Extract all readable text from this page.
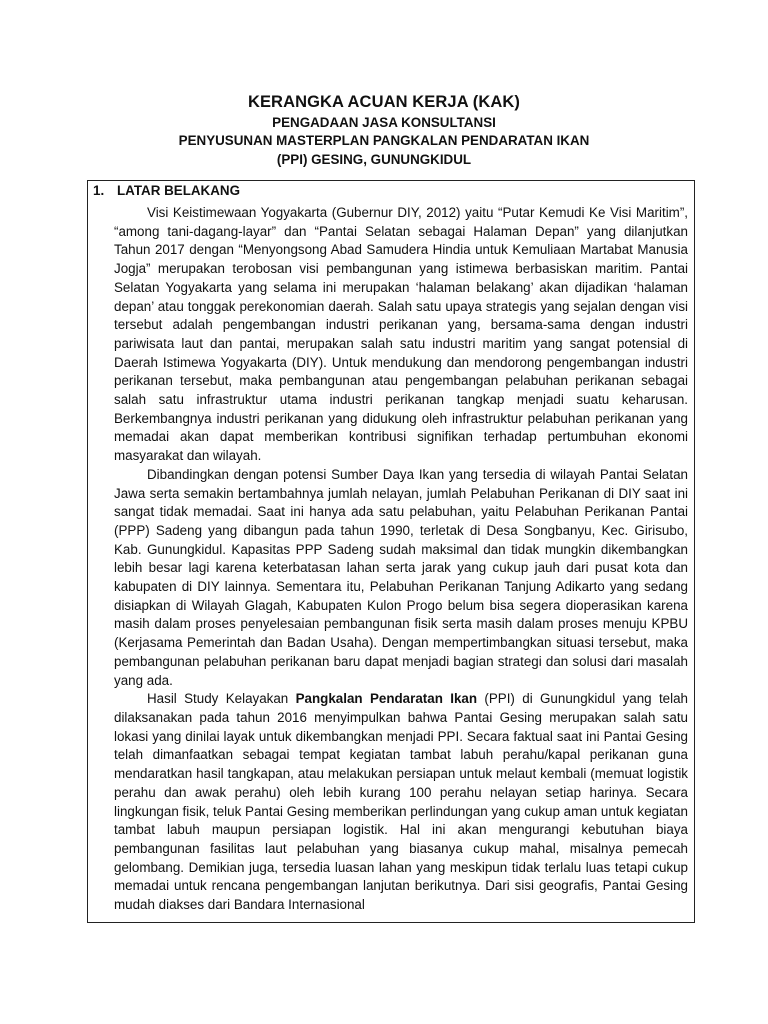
KERANGKA ACUAN KERJA (KAK)
PENGADAAN JASA KONSULTANSI
PENYUSUNAN MASTERPLAN PANGKALAN PENDARATAN IKAN
(PPI) GESING, GUNUNGKIDUL
1. LATAR BELAKANG

Visi Keistimewaan Yogyakarta (Gubernur DIY, 2012) yaitu “Putar Kemudi Ke Visi Maritim”, “among tani-dagang-layar” dan “Pantai Selatan sebagai Halaman Depan” yang dilanjutkan Tahun 2017 dengan “Menyongsong Abad Samudera Hindia untuk Kemuliaan Martabat Manusia Jogja” merupakan terobosan visi pembangunan yang istimewa berbasiskan maritim. Pantai Selatan Yogyakarta yang selama ini merupakan ‘halaman belakang’ akan dijadikan ‘halaman depan’ atau tonggak perekonomian daerah. Salah satu upaya strategis yang sejalan dengan visi tersebut adalah pengembangan industri perikanan yang, bersama-sama dengan industri pariwisata laut dan pantai, merupakan salah satu industri maritim yang sangat potensial di Daerah Istimewa Yogyakarta (DIY). Untuk mendukung dan mendorong pengembangan industri perikanan tersebut, maka pembangunan atau pengembangan pelabuhan perikanan sebagai salah satu infrastruktur utama industri perikanan tangkap menjadi suatu keharusan. Berkembangnya industri perikanan yang didukung oleh infrastruktur pelabuhan perikanan yang memadai akan dapat memberikan kontribusi signifikan terhadap pertumbuhan ekonomi masyarakat dan wilayah.

Dibandingkan dengan potensi Sumber Daya Ikan yang tersedia di wilayah Pantai Selatan Jawa serta semakin bertambahnya jumlah nelayan, jumlah Pelabuhan Perikanan di DIY saat ini sangat tidak memadai. Saat ini hanya ada satu pelabuhan, yaitu Pelabuhan Perikanan Pantai (PPP) Sadeng yang dibangun pada tahun 1990, terletak di Desa Songbanyu, Kec. Girisubo, Kab. Gunungkidul. Kapasitas PPP Sadeng sudah maksimal dan tidak mungkin dikembangkan lebih besar lagi karena keterbatasan lahan serta jarak yang cukup jauh dari pusat kota dan kabupaten di DIY lainnya. Sementara itu, Pelabuhan Perikanan Tanjung Adikarto yang sedang disiapkan di Wilayah Glagah, Kabupaten Kulon Progo belum bisa segera dioperasikan karena masih dalam proses penyelesaian pembangunan fisik serta masih dalam proses menuju KPBU (Kerjasama Pemerintah dan Badan Usaha). Dengan mempertimbangkan situasi tersebut, maka pembangunan pelabuhan perikanan baru dapat menjadi bagian strategi dan solusi dari masalah yang ada.

Hasil Study Kelayakan Pangkalan Pendaratan Ikan (PPI) di Gunungkidul yang telah dilaksanakan pada tahun 2016 menyimpulkan bahwa Pantai Gesing merupakan salah satu lokasi yang dinilai layak untuk dikembangkan menjadi PPI. Secara faktual saat ini Pantai Gesing telah dimanfaatkan sebagai tempat kegiatan tambat labuh perahu/kapal perikanan guna mendaratkan hasil tangkapan, atau melakukan persiapan untuk melaut kembali (memuat logistik perahu dan awak perahu) oleh lebih kurang 100 perahu nelayan setiap harinya. Secara lingkungan fisik, teluk Pantai Gesing memberikan perlindungan yang cukup aman untuk kegiatan tambat labuh maupun persiapan logistik. Hal ini akan mengurangi kebutuhan biaya pembangunan fasilitas laut pelabuhan yang biasanya cukup mahal, misalnya pemecah gelombang. Demikian juga, tersedia luasan lahan yang meskipun tidak terlalu luas tetapi cukup memadai untuk rencana pengembangan lanjutan berikutnya. Dari sisi geografis, Pantai Gesing mudah diakses dari Bandara Internasional
